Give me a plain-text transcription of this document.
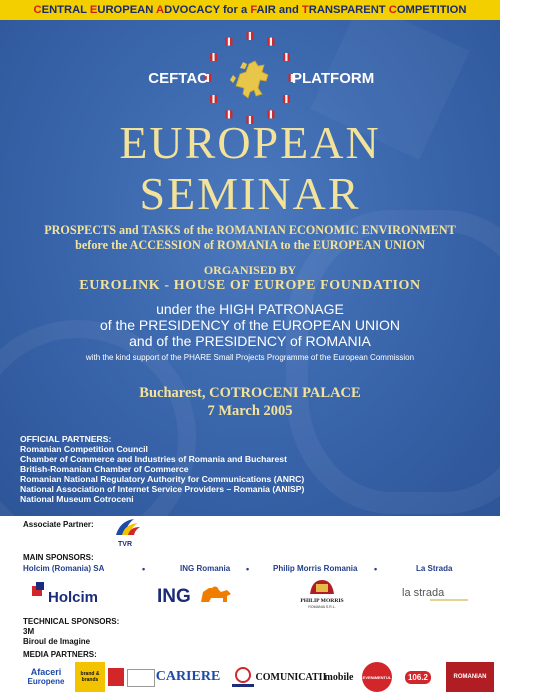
CENTRAL EUROPEAN ADVOCACY for a FAIR and TRANSPARENT COMPETITION
CEFTAC	PLATFORM
EUROPEAN
SEMINAR
PROSPECTS and TASKS of the ROMANIAN ECONOMIC ENVIRONMENT
before the ACCESSION of ROMANIA to the EUROPEAN UNION
ORGANISED BY
EUROLINK - HOUSE OF EUROPE FOUNDATION
under the HIGH PATRONAGE
of the PRESIDENCY of the EUROPEAN UNION
and of the PRESIDENCY of ROMANIA
with the kind support of the PHARE Small Projects Programme of the European Commission
Bucharest, COTROCENI PALACE
7 March 2005
OFFICIAL PARTNERS:
Romanian Competition Council
Chamber of Commerce and Industries of Romania and Bucharest
British-Romanian Chamber of Commerce
Romanian National Regulatory Authority for Communications (ANRC)
National Association of Internet Service Providers – Romania (ANISP)
National Museum Cotroceni
Associate Partner:
TVR
MAIN SPONSORS:
Holcim (Romania) SA	•	ING Romania •	Philip Morris Romania •	La Strada
Holcim	ING	PHILIP MORRIS
ROMANIA S.R.L.
la strada
TECHNICAL SPONSORS:
3M
Biroul de Imagine
MEDIA PARTNERS:
Afaceri
Europene
brand & brands	CARIERE	COMUNICATII
mobile EVENIMENTUL	106.2	ROMANIAN
